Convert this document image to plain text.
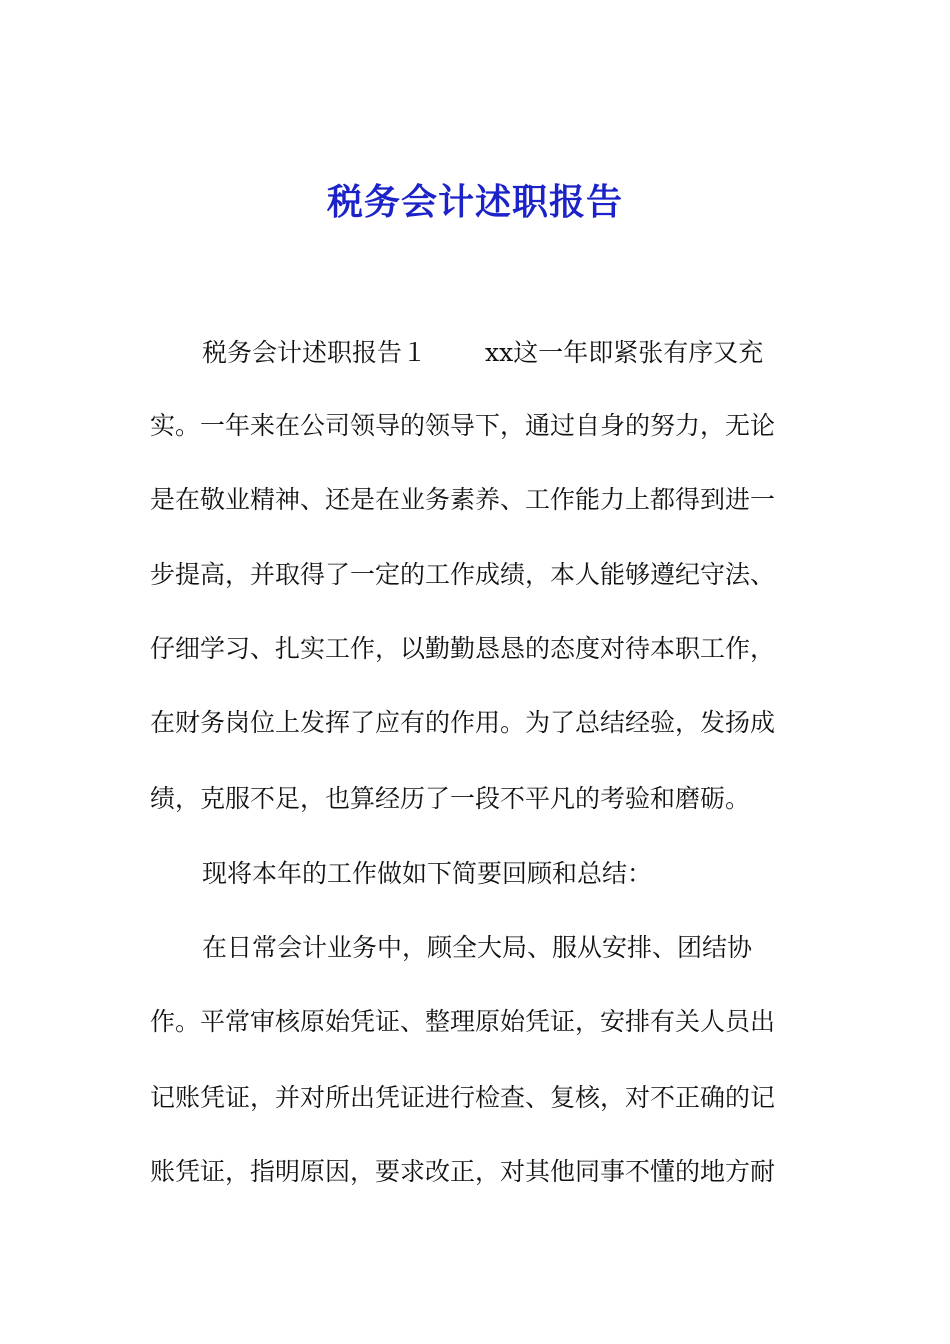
税务会计述职报告
税务会计述职报告１ xx这一年即紧张有序又充
实。一年来在公司领导的领导下，通过自身的努力，无论
是在敬业精神、还是在业务素养、工作能力上都得到进一
步提高，并取得了一定的工作成绩，本人能够遵纪守法、
仔细学习、扎实工作，以勤勤恳恳的态度对待本职工作，
在财务岗位上发挥了应有的作用。为了总结经验，发扬成
绩，克服不足，也算经历了一段不平凡的考验和磨砺。
现将本年的工作做如下简要回顾和总结：
在日常会计业务中，顾全大局、服从安排、团结协
作。平常审核原始凭证、整理原始凭证，安排有关人员出
记账凭证，并对所出凭证进行检查、复核，对不正确的记
账凭证，指明原因，要求改正，对其他同事不懂的地方耐
